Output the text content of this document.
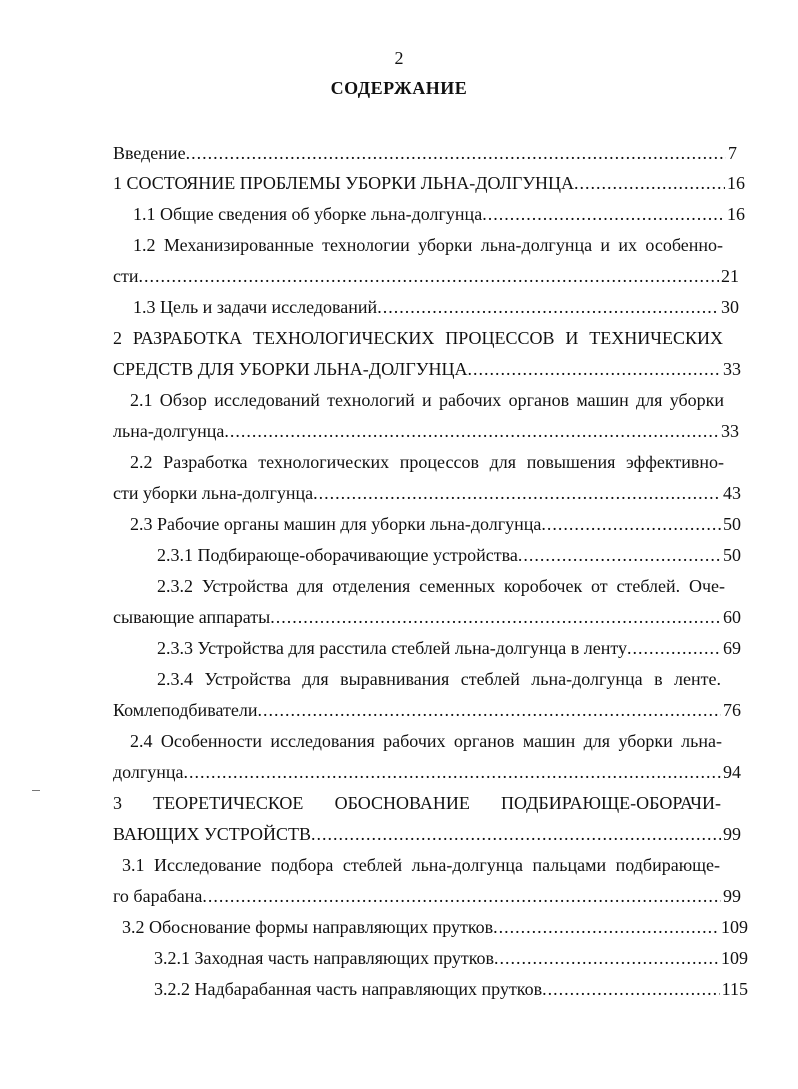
2
СОДЕРЖАНИЕ
Введение .....	7
1 СОСТОЯНИЕ ПРОБЛЕМЫ УБОРКИ ЛЬНА-ДОЛГУНЦА .....	16
1.1 Общие сведения об уборке льна-долгунца .....	16
1.2 Механизированные технологии уборки льна-долгунца и их особенно-
сти .....	21
1.3 Цель и задачи исследований .....	30
2 РАЗРАБОТКА ТЕХНОЛОГИЧЕСКИХ ПРОЦЕССОВ И ТЕХНИЧЕСКИХ
СРЕДСТВ ДЛЯ УБОРКИ ЛЬНА-ДОЛГУНЦА .....	33
2.1 Обзор исследований технологий и рабочих органов машин для уборки
льна-долгунца .....	33
2.2 Разработка технологических процессов для повышения эффективно-
сти уборки льна-долгунца .....	43
2.3 Рабочие органы машин для уборки льна-долгунца .....	50
2.3.1 Подбирающе-оборачивающие устройства .....	50
2.3.2 Устройства для отделения семенных коробочек от стеблей. Оче-
сывающие аппараты .....	60
2.3.3 Устройства для расстила стеблей льна-долгунца в ленту .....	69
2.3.4 Устройства для выравнивания стеблей льна-долгунца в ленте.
Комлеподбиватели .....	76
2.4 Особенности исследования рабочих органов машин для уборки льна-
долгунца .....	94
3 ТЕОРЕТИЧЕСКОЕ ОБОСНОВАНИЕ ПОДБИРАЮЩЕ-ОБОРАЧИ-
ВАЮЩИХ УСТРОЙСТВ .....	99
3.1 Исследование подбора стеблей льна-долгунца пальцами подбирающе-
го барабана .....	99
3.2 Обоснование формы направляющих прутков .....	109
3.2.1 Заходная часть направляющих прутков .....	109
3.2.2 Надбарабанная часть направляющих прутков .....	115
